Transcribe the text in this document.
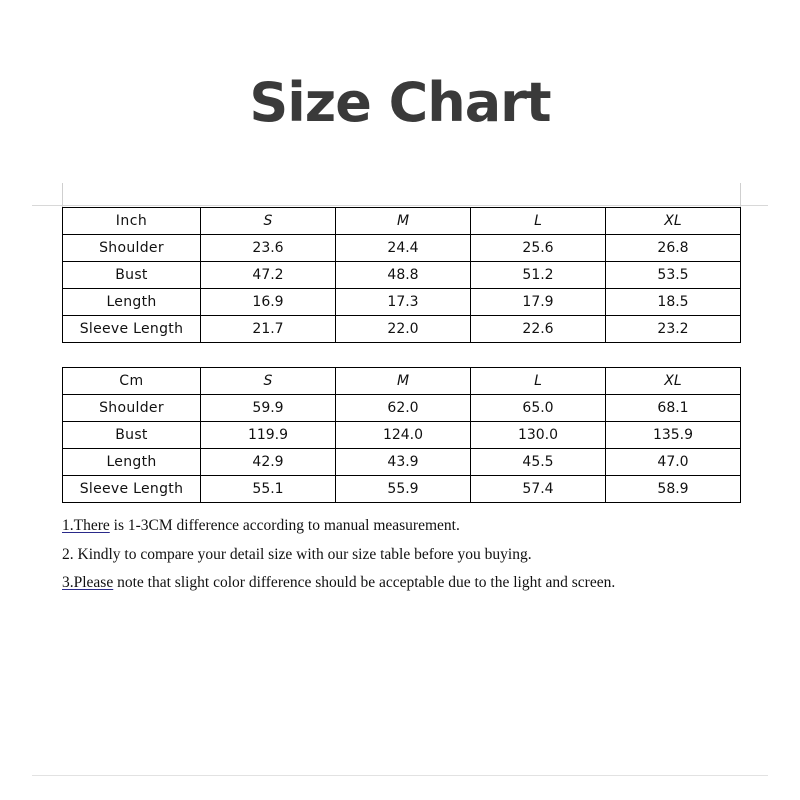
Size Chart
Inch	S	M	L	XL
Shoulder	23.6	24.4	25.6	26.8
Bust	47.2	48.8	51.2	53.5
Length	16.9	17.3	17.9	18.5
Sleeve Length	21.7	22.0	22.6	23.2
Cm	S	M	L	XL
Shoulder	59.9	62.0	65.0	68.1
Bust	119.9	124.0	130.0	135.9
Length	42.9	43.9	45.5	47.0
Sleeve Length	55.1	55.9	57.4	58.9

1.There is 1-3CM difference according to manual measurement.

2. Kindly to compare your detail size with our size table before you buying.

3.Please note that slight color difference should be acceptable due to the light and screen.
